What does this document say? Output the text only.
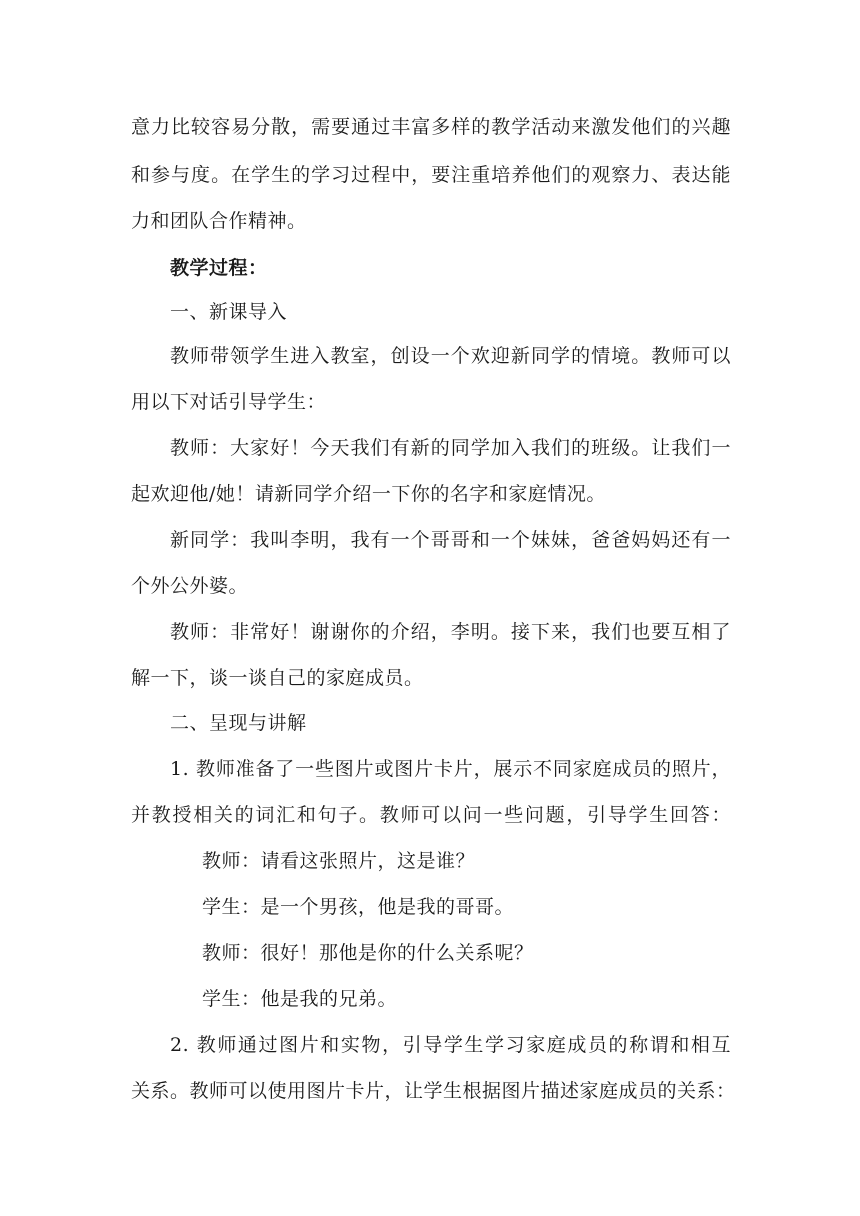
意力比较容易分散，需要通过丰富多样的教学活动来激发他们的兴趣
和参与度。在学生的学习过程中，要注重培养他们的观察力、表达能
力和团队合作精神。
教学过程：
一、新课导入
教师带领学生进入教室，创设一个欢迎新同学的情境。教师可以
用以下对话引导学生：
教师：大家好！今天我们有新的同学加入我们的班级。让我们一
起欢迎他/她！请新同学介绍一下你的名字和家庭情况。
新同学：我叫李明，我有一个哥哥和一个妹妹，爸爸妈妈还有一
个外公外婆。
教师：非常好！谢谢你的介绍，李明。接下来，我们也要互相了
解一下，谈一谈自己的家庭成员。
二、呈现与讲解
1. 教师准备了一些图片或图片卡片，展示不同家庭成员的照片，
并教授相关的词汇和句子。教师可以问一些问题，引导学生回答：
教师：请看这张照片，这是谁？
学生：是一个男孩，他是我的哥哥。
教师：很好！那他是你的什么关系呢？
学生：他是我的兄弟。
2. 教师通过图片和实物，引导学生学习家庭成员的称谓和相互
关系。教师可以使用图片卡片，让学生根据图片描述家庭成员的关系：
